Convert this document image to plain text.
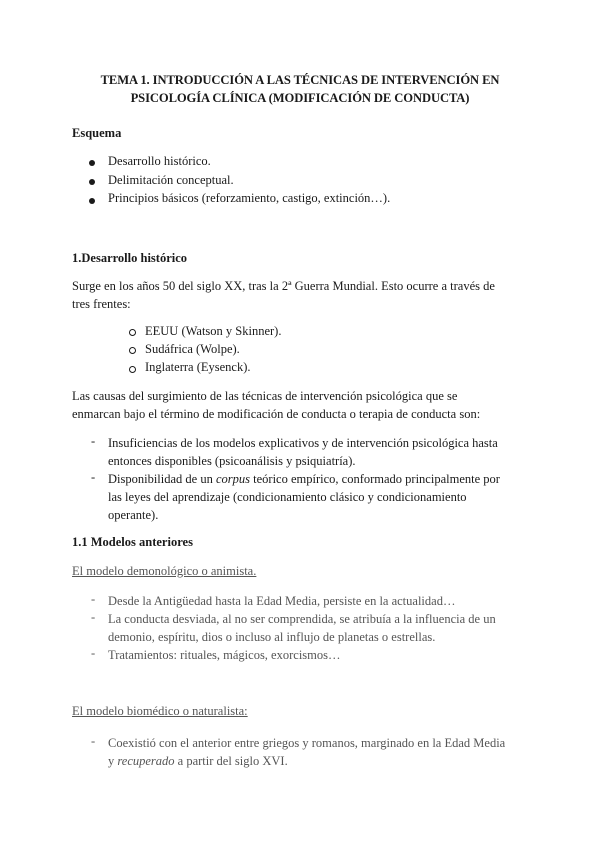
TEMA 1. INTRODUCCIÓN A LAS TÉCNICAS DE INTERVENCIÓN EN PSICOLOGÍA CLÍNICA (MODIFICACIÓN DE CONDUCTA)
Esquema
Desarrollo histórico.
Delimitación conceptual.
Principios básicos (reforzamiento, castigo, extinción…).
1.Desarrollo histórico
Surge en los años 50 del siglo XX, tras la 2ª Guerra Mundial. Esto ocurre a través de
tres frentes:
EEUU (Watson y Skinner).
Sudáfrica (Wolpe).
Inglaterra (Eysenck).
Las causas del surgimiento de las técnicas de intervención psicológica que se
enmarcan bajo el término de modificación de conducta o terapia de conducta son:
- Insuficiencias de los modelos explicativos y de intervención psicológica hasta
entonces disponibles (psicoanálisis y psiquiatría).
- Disponibilidad de un corpus teórico empírico, conformado principalmente por
las leyes del aprendizaje (condicionamiento clásico y condicionamiento
operante).
1.1 Modelos anteriores
El modelo demonológico o animista.
- Desde la Antigüedad hasta la Edad Media, persiste en la actualidad…
- La conducta desviada, al no ser comprendida, se atribuía a la influencia de un
demonio, espíritu, dios o incluso al influjo de planetas o estrellas.
- Tratamientos: rituales, mágicos, exorcismos…
El modelo biomédico o naturalista:
- Coexistió con el anterior entre griegos y romanos, marginado en la Edad Media
y recuperado a partir del siglo XVI.
